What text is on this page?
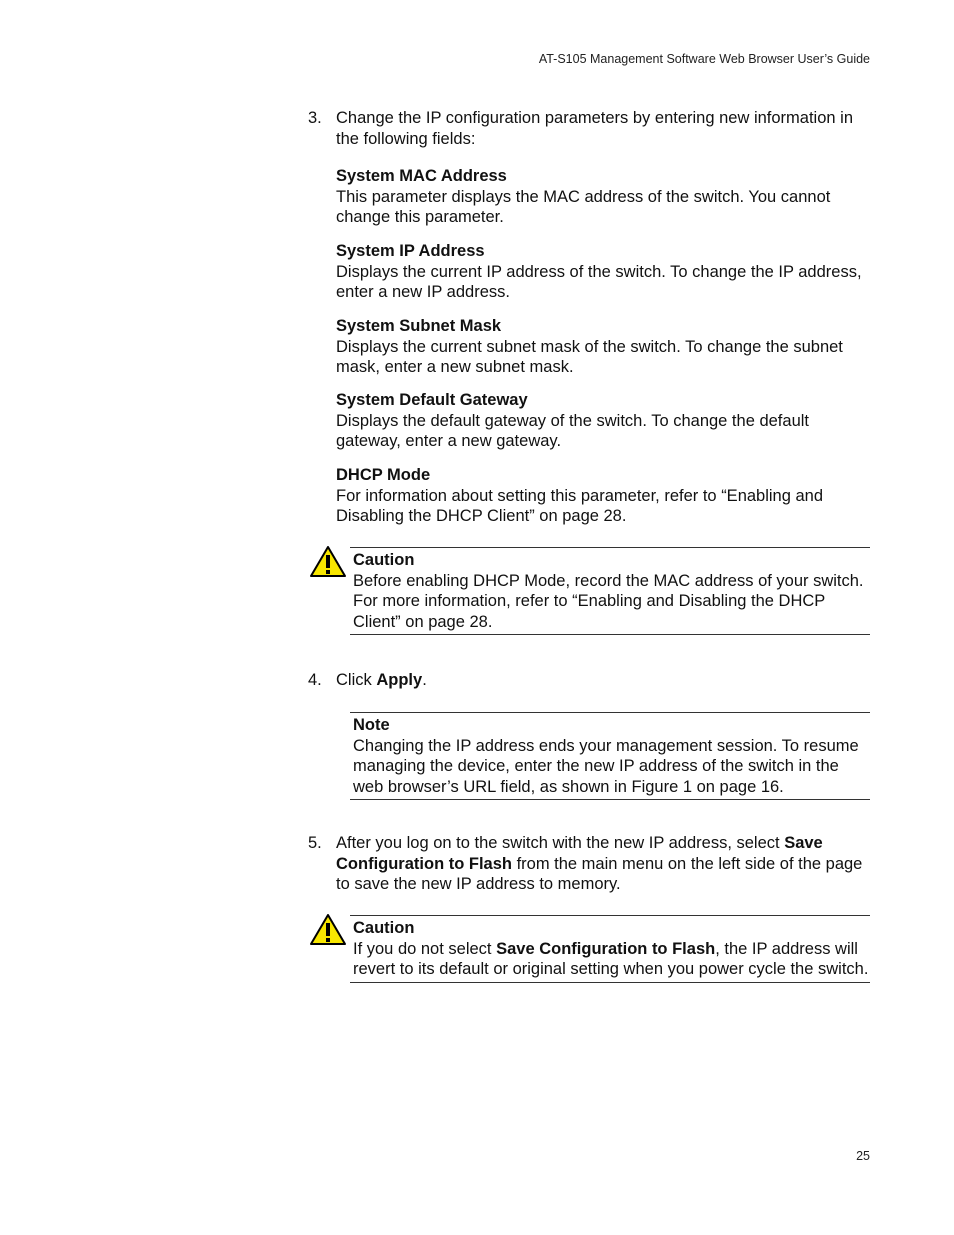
AT-S105 Management Software Web Browser User’s Guide
3. Change the IP configuration parameters by entering new information in the following fields:
System MAC Address
This parameter displays the MAC address of the switch. You cannot change this parameter.
System IP Address
Displays the current IP address of the switch. To change the IP address, enter a new IP address.
System Subnet Mask
Displays the current subnet mask of the switch. To change the subnet mask, enter a new subnet mask.
System Default Gateway
Displays the default gateway of the switch. To change the default gateway, enter a new gateway.
DHCP Mode
For information about setting this parameter, refer to “Enabling and Disabling the DHCP Client” on page 28.
Caution
Before enabling DHCP Mode, record the MAC address of your switch. For more information, refer to “Enabling and Disabling the DHCP Client” on page 28.
4. Click Apply.
Note
Changing the IP address ends your management session. To resume managing the device, enter the new IP address of the switch in the web browser’s URL field, as shown in Figure 1 on page 16.
5. After you log on to the switch with the new IP address, select Save Configuration to Flash from the main menu on the left side of the page to save the new IP address to memory.
Caution
If you do not select Save Configuration to Flash, the IP address will revert to its default or original setting when you power cycle the switch.
25
